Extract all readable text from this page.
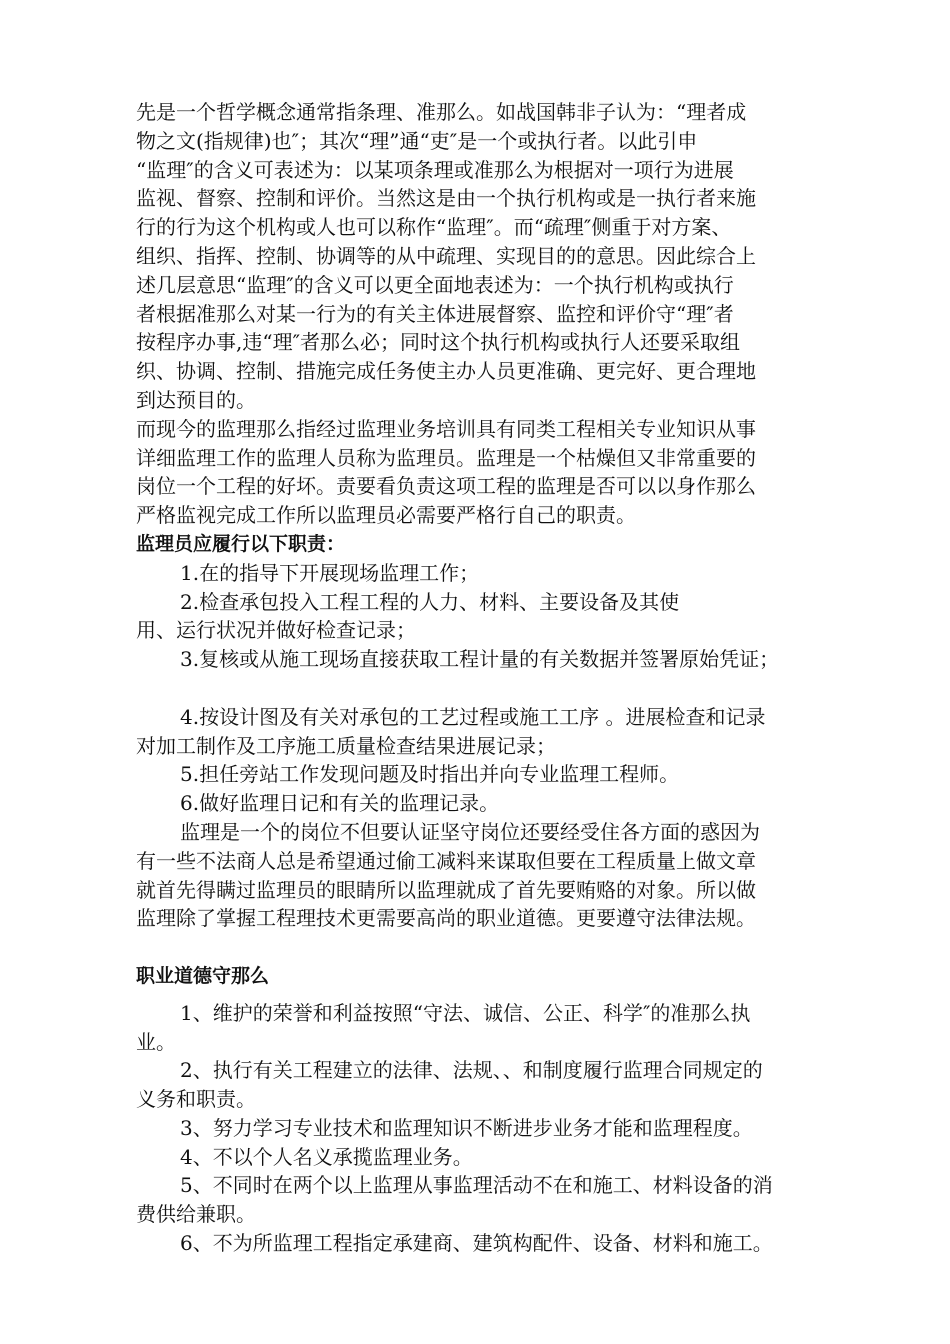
先是一个哲学概念通常指条理、准那么。如战国韩非子认为：“理者成
物之文(指规律)也″；其次“理”通“吏″是一个或执行者。以此引申
“监理″的含义可表述为：以某项条理或准那么为根据对一项行为进展
监视、督察、控制和评价。当然这是由一个执行机构或是一执行者来施
行的行为这个机构或人也可以称作“监理″。而“疏理″侧重于对方案、
组织、指挥、控制、协调等的从中疏理、实现目的的意思。因此综合上
述几层意思“监理″的含义可以更全面地表述为：一个执行机构或执行
者根据准那么对某一行为的有关主体进展督察、监控和评价守“理″者
按程序办事,违“理″者那么必；同时这个执行机构或执行人还要采取组
织、协调、控制、措施完成任务使主办人员更准确、更完好、更合理地
到达预目的。
而现今的监理那么指经过监理业务培训具有同类工程相关专业知识从事
详细监理工作的监理人员称为监理员。监理是一个枯燥但又非常重要的
岗位一个工程的好坏。责要看负责这项工程的监理是否可以以身作那么
严格监视完成工作所以监理员必需要严格行自己的职责。
监理员应履行以下职责：
1.在的指导下开展现场监理工作；
2.检查承包投入工程工程的人力、材料、主要设备及其使
用、运行状况并做好检查记录；
3.复核或从施工现场直接获取工程计量的有关数据并签署原始凭证；
4.按设计图及有关对承包的工艺过程或施工工序 。进展检查和记录
对加工制作及工序施工质量检查结果进展记录；
5.担任旁站工作发现问题及时指出并向专业监理工程师。
6.做好监理日记和有关的监理记录。
监理是一个的岗位不但要认证坚守岗位还要经受住各方面的惑因为
有一些不法商人总是希望通过偷工减料来谋取但要在工程质量上做文章
就首先得瞒过监理员的眼睛所以监理就成了首先要贿赂的对象。所以做
监理除了掌握工程理技术更需要高尚的职业道德。更要遵守法律法规。
职业道德守那么
1、维护的荣誉和利益按照“守法、诚信、公正、科学″的准那么执
业。
2、执行有关工程建立的法律、法规、、和制度履行监理合同规定的
义务和职责。
3、努力学习专业技术和监理知识不断进步业务才能和监理程度。
4、不以个人名义承揽监理业务。
5、不同时在两个以上监理从事监理活动不在和施工、材料设备的消
费供给兼职。
6、不为所监理工程指定承建商、建筑构配件、设备、材料和施工。
